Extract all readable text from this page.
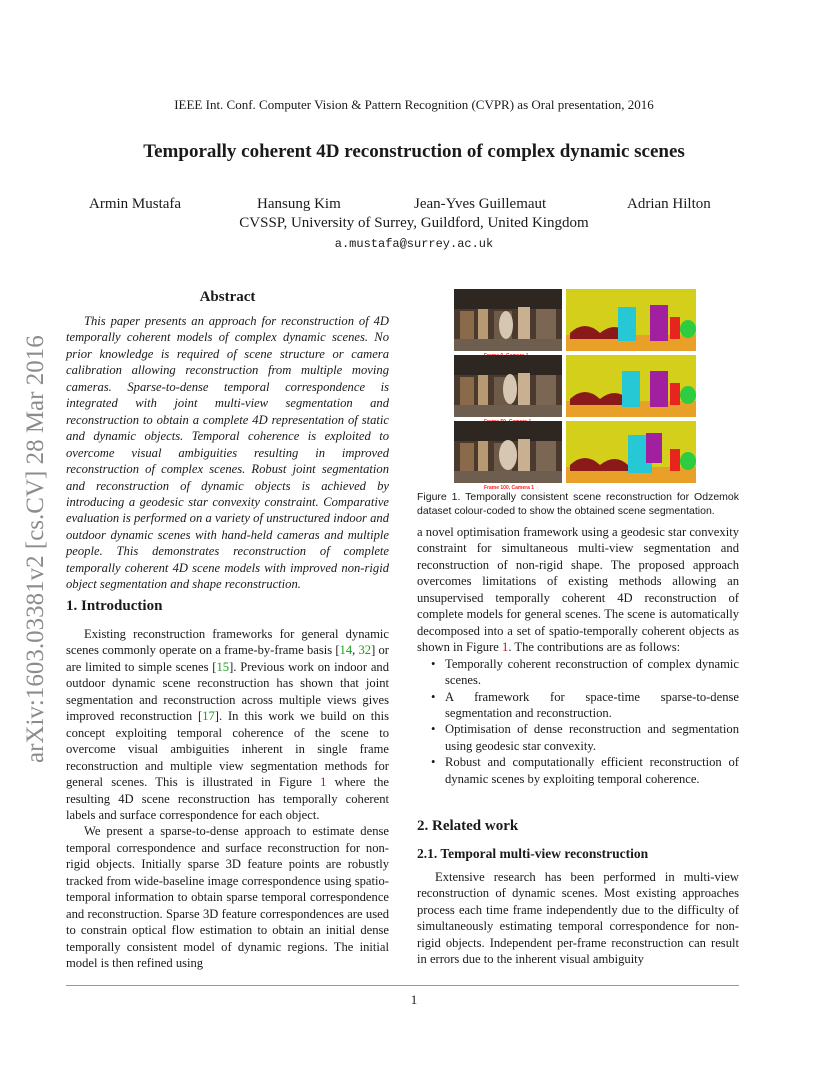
IEEE Int. Conf. Computer Vision & Pattern Recognition (CVPR) as Oral presentation, 2016
Temporally coherent 4D reconstruction of complex dynamic scenes
Armin Mustafa	Hansung Kim	Jean-Yves Guillemaut	Adrian Hilton
CVSSP, University of Surrey, Guildford, United Kingdom
a.mustafa@surrey.ac.uk
arXiv:1603.03381v2 [cs.CV] 28 Mar 2016
Abstract

This paper presents an approach for reconstruction of 4D temporally coherent models of complex dynamic scenes. No prior knowledge is required of scene structure or camera calibration allowing reconstruction from multiple moving cameras. Sparse-to-dense temporal correspondence is integrated with joint multi-view segmentation and reconstruction to obtain a complete 4D representation of static and dynamic objects. Temporal coherence is exploited to overcome visual ambiguities resulting in improved reconstruction of complex scenes. Robust joint segmentation and reconstruction of dynamic objects is achieved by introducing a geodesic star convexity constraint. Comparative evaluation is performed on a variety of unstructured indoor and outdoor dynamic scenes with hand-held cameras and multiple people. This demonstrates reconstruction of complete temporally coherent 4D scene models with improved non-rigid object segmentation and shape reconstruction.

1. Introduction

Existing reconstruction frameworks for general dynamic scenes commonly operate on a frame-by-frame basis [14, 32] or are limited to simple scenes [15]. Previous work on indoor and outdoor dynamic scene reconstruction has shown that joint segmentation and reconstruction across multiple views gives improved reconstruction [17]. In this work we build on this concept exploiting temporal coherence of the scene to overcome visual ambiguities inherent in single frame reconstruction and multiple view segmentation methods for general scenes. This is illustrated in Figure 1 where the resulting 4D scene reconstruction has temporally coherent labels and surface correspondence for each object.

We present a sparse-to-dense approach to estimate dense temporal correspondence and surface reconstruction for non-rigid objects. Initially sparse 3D feature points are robustly tracked from wide-baseline image correspondence using spatio-temporal information to obtain sparse temporal correspondence and reconstruction. Sparse 3D feature correspondences are used to constrain optical flow estimation to obtain an initial dense temporally consistent model of dynamic regions. The initial model is then refined using

Frame 100, Camera 1
Figure 1. Temporally consistent scene reconstruction for Odzemok dataset colour-coded to show the obtained scene segmentation.

a novel optimisation framework using a geodesic star convexity constraint for simultaneous multi-view segmentation and reconstruction of non-rigid shape. The proposed approach overcomes limitations of existing methods allowing an unsupervised temporally coherent 4D reconstruction of complete models for general scenes. The scene is automatically decomposed into a set of spatio-temporally coherent objects as shown in Figure 1. The contributions are as follows:

• Temporally coherent reconstruction of complex dynamic scenes.
• A framework for space-time sparse-to-dense segmentation and reconstruction.
• Optimisation of dense reconstruction and segmentation using geodesic star convexity.
• Robust and computationally efficient reconstruction of dynamic scenes by exploiting temporal coherence.
2. Related work
2.1. Temporal multi-view reconstruction

Extensive research has been performed in multi-view reconstruction of dynamic scenes. Most existing approaches process each time frame independently due to the difficulty of simultaneously estimating temporal correspondence for non-rigid objects. Independent per-frame reconstruction can result in errors due to the inherent visual ambiguity

1
